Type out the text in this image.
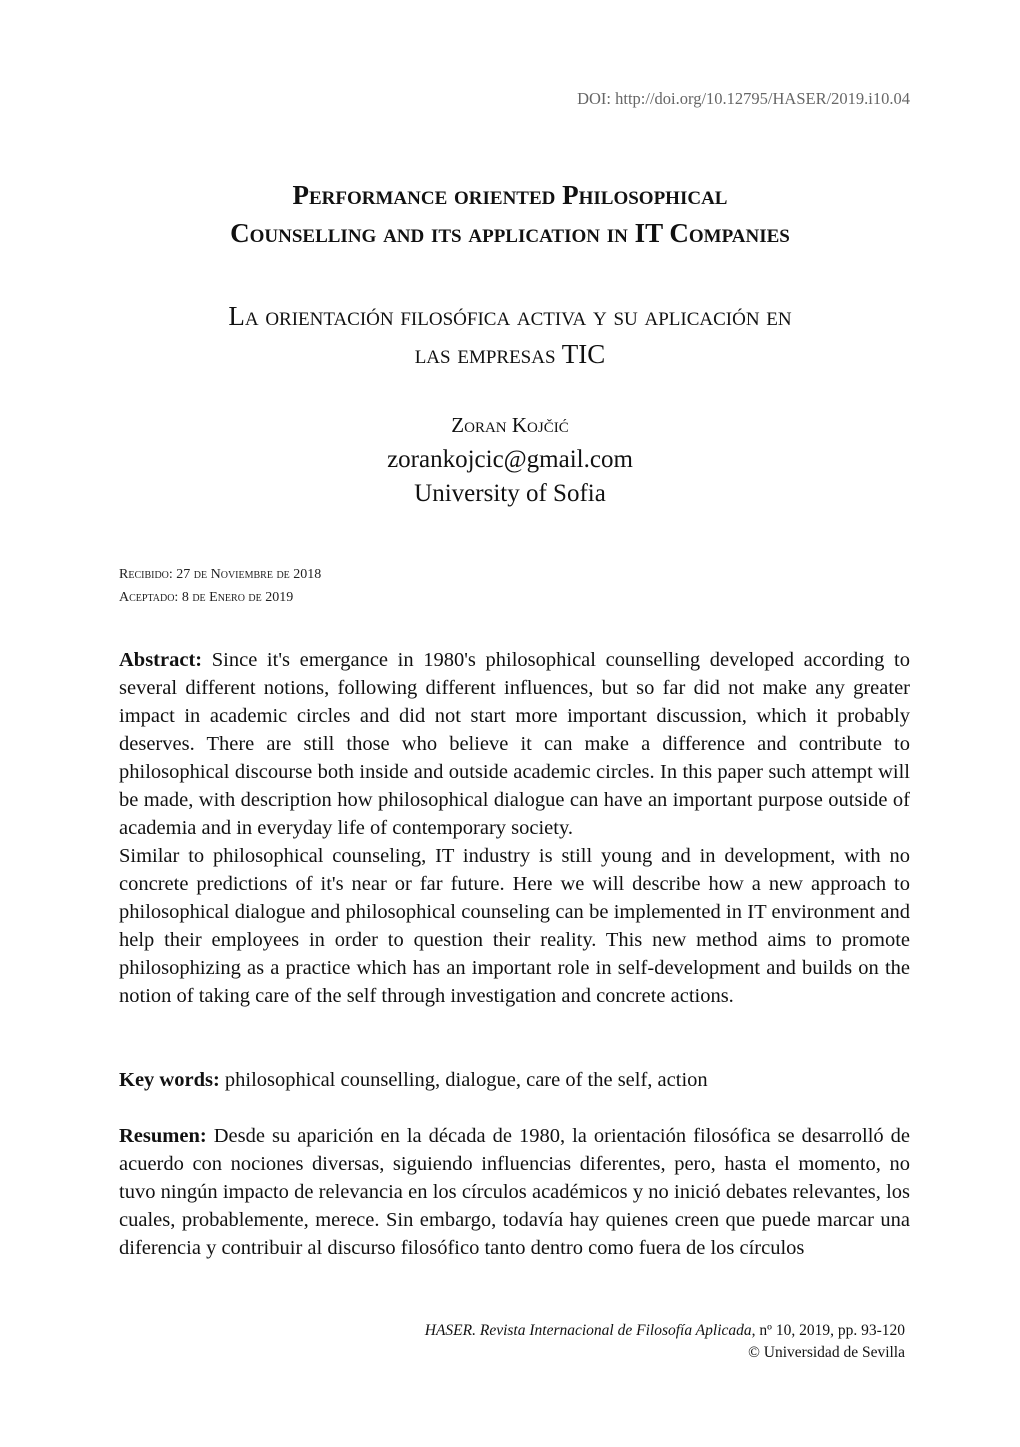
DOI: http://doi.org/10.12795/HASER/2019.i10.04
Performance oriented Philosophical
Counselling and its application in IT Companies
La orientación filosófica activa y su aplicación en
las empresas TIC
Zoran Kojčić
zorankojcic@gmail.com
University of Sofia
Recibido: 27 de Noviembre de 2018
Aceptado: 8 de Enero de 2019
Abstract: Since it's emergance in 1980's philosophical counselling developed according to several different notions, following different influences, but so far did not make any greater impact in academic circles and did not start more important discussion, which it probably deserves. There are still those who believe it can make a difference and contribute to philosophical discourse both inside and outside academic circles. In this paper such attempt will be made, with description how philosophical dialogue can have an important purpose outside of academia and in everyday life of contemporary society.
Similar to philosophical counseling, IT industry is still young and in development, with no concrete predictions of it's near or far future. Here we will describe how a new approach to philosophical dialogue and philosophical counseling can be implemented in IT environment and help their employees in order to question their reality. This new method aims to promote philosophizing as a practice which has an important role in self-development and builds on the notion of taking care of the self through investigation and concrete actions.
Key words: philosophical counselling, dialogue, care of the self, action
Resumen: Desde su aparición en la década de 1980, la orientación filosófica se desarrolló de acuerdo con nociones diversas, siguiendo influencias diferentes, pero, hasta el momento, no tuvo ningún impacto de relevancia en los círculos académicos y no inició debates relevantes, los cuales, probablemente, merece. Sin embargo, todavía hay quienes creen que puede marcar una diferencia y contribuir al discurso filosófico tanto dentro como fuera de los círculos
HASER. Revista Internacional de Filosofía Aplicada, nº 10, 2019, pp. 93-120
© Universidad de Sevilla
